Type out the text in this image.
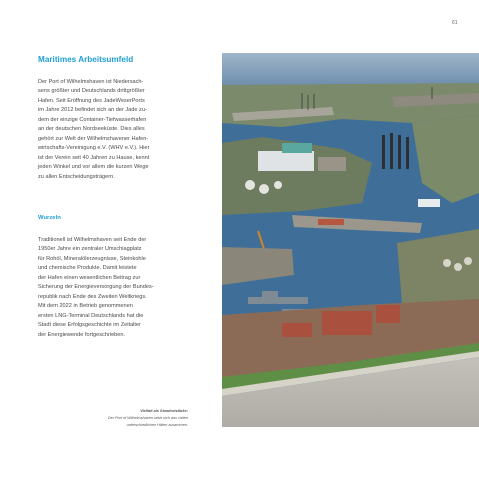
61
Maritimes Arbeitsumfeld
Der Port of Wilhelmshaven ist Niedersach-
sens größter und Deutschlands drittgrößter
Hafen. Seit Eröffnung des JadeWeserPorts
im Jahre 2012 befindet sich an der Jade zu-
dem der einzige Container-Tiefwasserhafen
an der deutschen Nordseeküste. Dies alles
gehört zur Welt der Wilhelmshavener Hafen-
wirtschafts-Vereinigung e.V. (WHV e.V.). Hier
ist der Verein seit 40 Jahren zu Hause, kennt
jeden Winkel und vor allem die kurzen Wege
zu allen Entscheidungsträgern.
Wurzeln
Traditionell ist Wilhelmshaven seit Ende der
1950er Jahre ein zentraler Umschlagplatz
für Rohöl, Mineralölerzeugnisse, Steinkohle
und chemische Produkte. Damit leistete
der Hafen einen wesentlichen Beitrag zur
Sicherung der Energieversorgung der Bundes-
republik nach Ende des Zweiten Weltkriegs.
Mit dem 2022 in Betrieb genommenen
ersten LNG-Terminal Deutschlands hat die
Stadt diese Erfolgsgeschichte im Zeitalter
der Energiewende fortgeschrieben.
Vielfalt als Standortstärke:
Der Port of Wilhelmshaven setzt sich aus vielen
unterschiedlichen Häfen zusammen.
